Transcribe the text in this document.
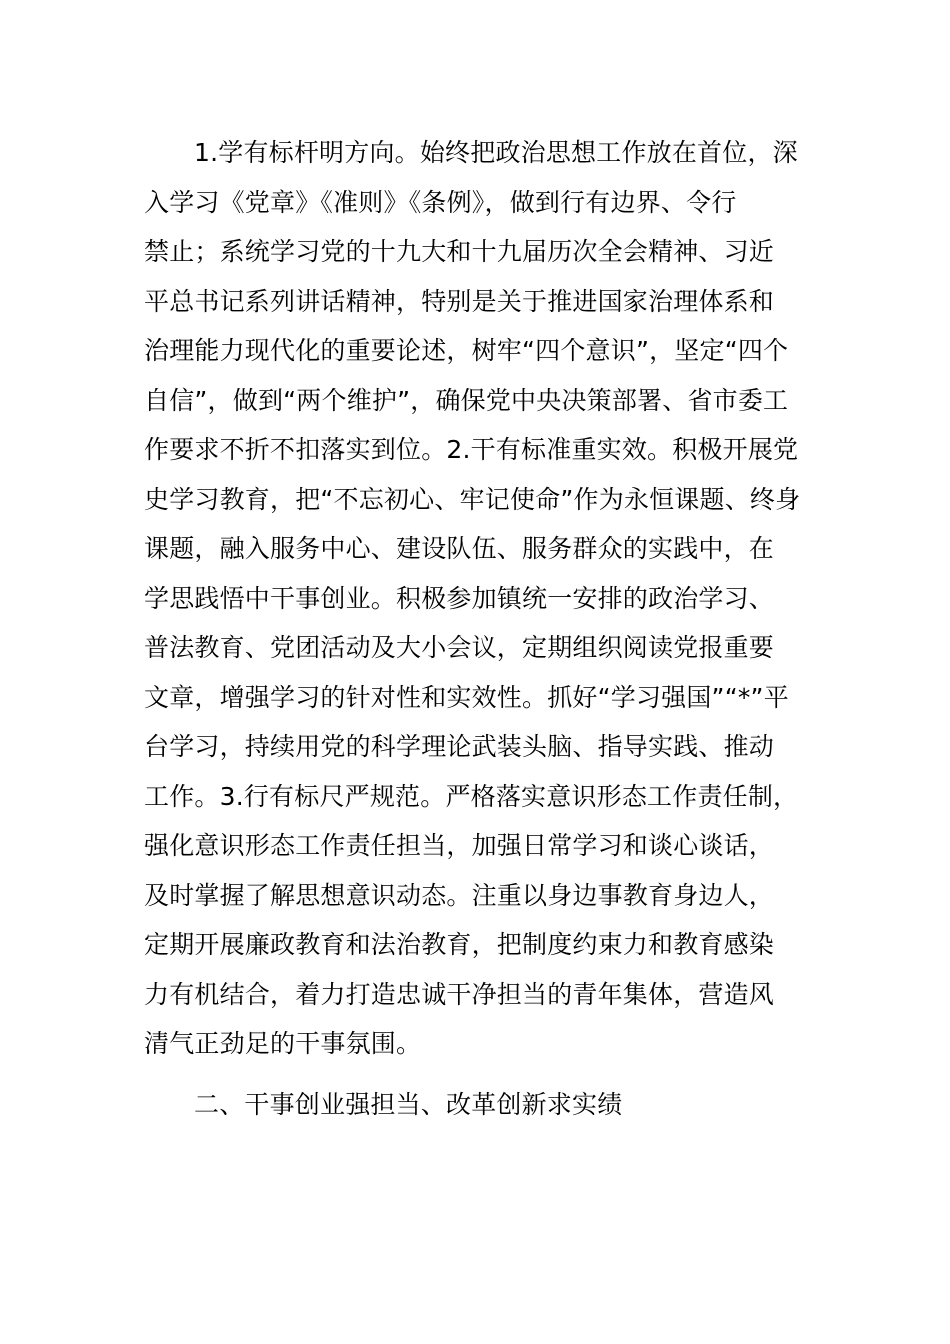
1.学有标杆明方向。始终把政治思想工作放在首位，深
入学习《党章》《准则》《条例》，做到行有边界、令行
禁止；系统学习党的十九大和十九届历次全会精神、习近
平总书记系列讲话精神，特别是关于推进国家治理体系和
治理能力现代化的重要论述，树牢“四个意识”，坚定“四个
自信”，做到“两个维护”，确保党中央决策部署、省市委工
作要求不折不扣落实到位。2.干有标准重实效。积极开展党
史学习教育，把“不忘初心、牢记使命”作为永恒课题、终身
课题，融入服务中心、建设队伍、服务群众的实践中，在
学思践悟中干事创业。积极参加镇统一安排的政治学习、
普法教育、党团活动及大小会议，定期组织阅读党报重要
文章，增强学习的针对性和实效性。抓好“学习强国”“*”平
台学习，持续用党的科学理论武装头脑、指导实践、推动
工作。3.行有标尺严规范。严格落实意识形态工作责任制，
强化意识形态工作责任担当，加强日常学习和谈心谈话，
及时掌握了解思想意识动态。注重以身边事教育身边人，
定期开展廉政教育和法治教育，把制度约束力和教育感染
力有机结合，着力打造忠诚干净担当的青年集体，营造风
清气正劲足的干事氛围。
二、干事创业强担当、改革创新求实绩
